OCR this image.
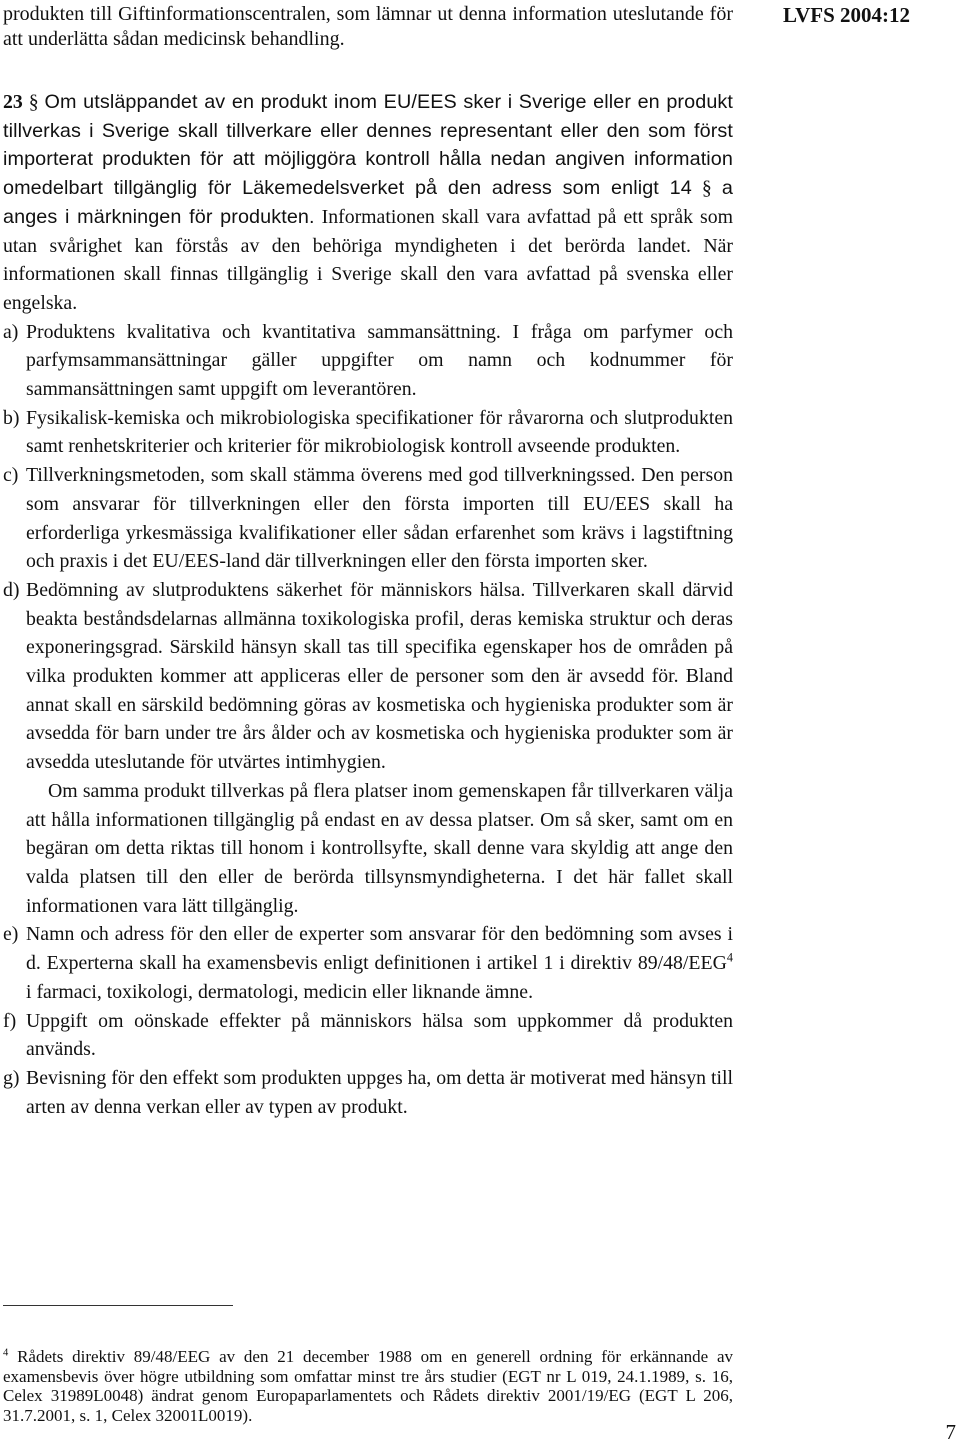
produkten till Giftinformationscentralen, som lämnar ut denna information uteslutande för att underlätta sådan medicinsk behandling.
LVFS 2004:12

23 § Om utsläppandet av en produkt inom EU/EES sker i Sverige eller en produkt tillverkas i Sverige skall tillverkare eller dennes representant eller den som först importerat produkten för att möjliggöra kontroll hålla nedan angiven information omedelbart tillgänglig för Läkemedelsverket på den adress som enligt 14 § a anges i märkningen för produkten. Informationen skall vara avfattad på ett språk som utan svårighet kan förstås av den behöriga myndigheten i det berörda landet. När informationen skall finnas tillgänglig i Sverige skall den vara avfattad på svenska eller engelska.

a) Produktens kvalitativa och kvantitativa sammansättning. I fråga om parfymer och parfymsammansättningar gäller uppgifter om namn och kodnummer för sammansättningen samt uppgift om leverantören.
b) Fysikalisk-kemiska och mikrobiologiska specifikationer för råvarorna och slutprodukten samt renhetskriterier och kriterier för mikrobiologisk kontroll avseende produkten.
c) Tillverkningsmetoden, som skall stämma överens med god tillverkningssed. Den person som ansvarar för tillverkningen eller den första importen till EU/EES skall ha erforderliga yrkesmässiga kvalifikationer eller sådan erfarenhet som krävs i lagstiftning och praxis i det EU/EES-land där tillverkningen eller den första importen sker.
d) Bedömning av slutproduktens säkerhet för människors hälsa. Tillverkaren skall därvid beakta beståndsdelarnas allmänna toxikologiska profil, deras kemiska struktur och deras exponeringsgrad. Särskild hänsyn skall tas till specifika egenskaper hos de områden på vilka produkten kommer att appliceras eller de personer som den är avsedd för. Bland annat skall en särskild bedömning göras av kosmetiska och hygieniska produkter som är avsedda för barn under tre års ålder och av kosmetiska och hygieniska produkter som är avsedda uteslutande för utvärtes intimhygien.

Om samma produkt tillverkas på flera platser inom gemenskapen får tillverkaren välja att hålla informationen tillgänglig på endast en av dessa platser. Om så sker, samt om en begäran om detta riktas till honom i kontrollsyfte, skall denne vara skyldig att ange den valda platsen till den eller de berörda tillsynsmyndigheterna. I det här fallet skall informationen vara lätt tillgänglig.

e) Namn och adress för den eller de experter som ansvarar för den bedömning som avses i d. Experterna skall ha examensbevis enligt definitionen i artikel 1 i direktiv 89/48/EEG$^4$ i farmaci, toxikologi, dermatologi, medicin eller liknande ämne.
f) Uppgift om oönskade effekter på människors hälsa som uppkommer då produkten används.
g) Bevisning för den effekt som produkten uppges ha, om detta är motiverat med hänsyn till arten av denna verkan eller av typen av produkt.
$^4$ Rådets direktiv 89/48/EEG av den 21 december 1988 om en generell ordning för erkännande av examensbevis över högre utbildning som omfattar minst tre års studier (EGT nr L 019, 24.1.1989, s. 16, Celex 31989L0048) ändrat genom Europaparlamentets och Rådets direktiv 2001/19/EG (EGT L 206, 31.7.2001, s. 1, Celex 32001L0019).
7
